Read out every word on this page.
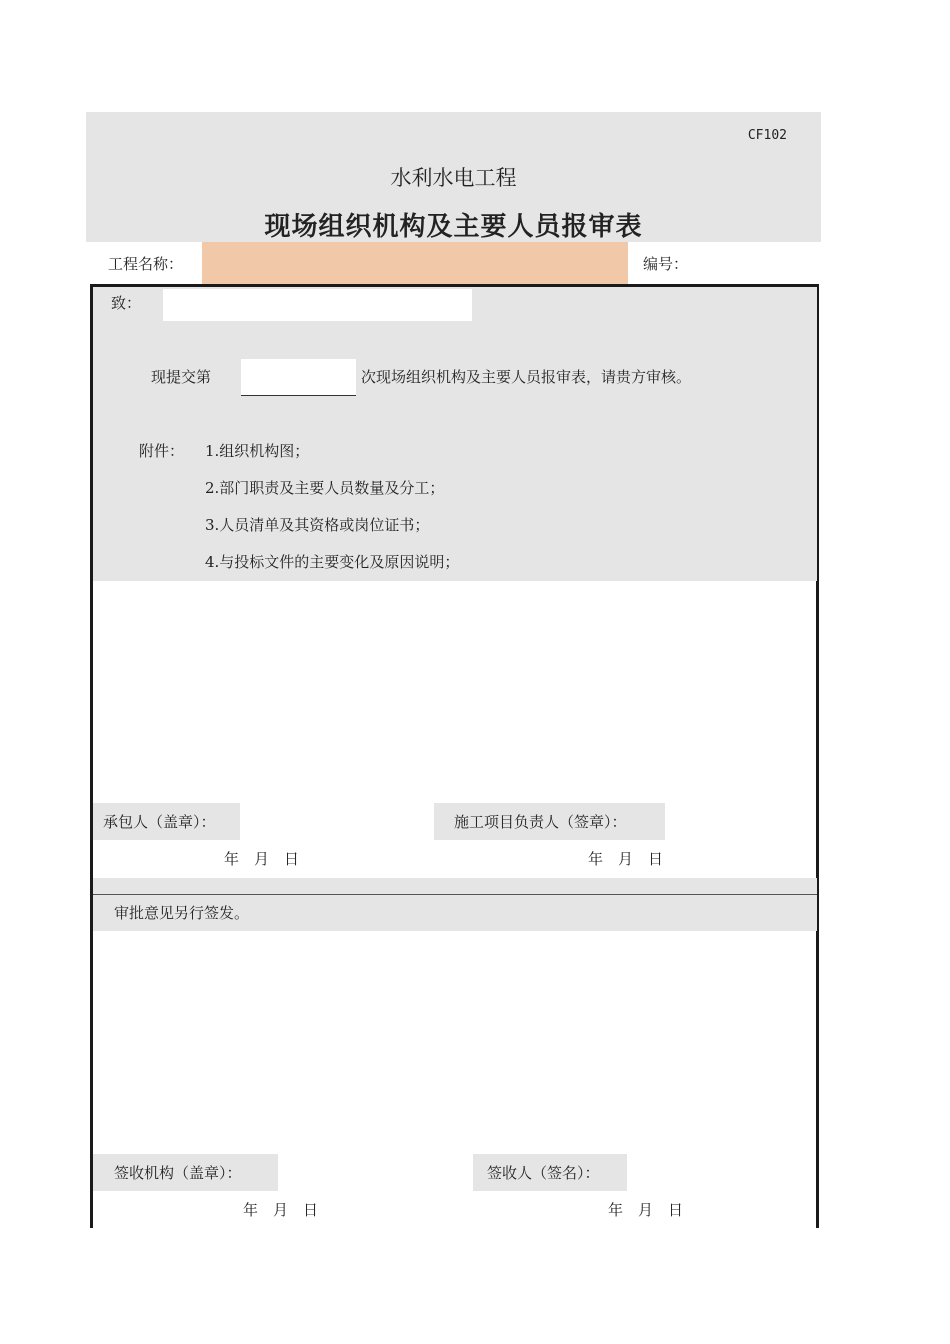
CF102
水利水电工程
现场组织机构及主要人员报审表
工程名称：	编号：
致：
现提交第	次现场组织机构及主要人员报审表，请贵方审核。
附件： 1.组织机构图；
2.部门职责及主要人员数量及分工；
3.人员清单及其资格或岗位证书；
4.与投标文件的主要变化及原因说明；
承包人（盖章）：	施工项目负责人（签章）：
年　月　日	年　月　日
审批意见另行签发。
签收机构（盖章）：	签收人（签名）：
年　月　日	年　月　日
